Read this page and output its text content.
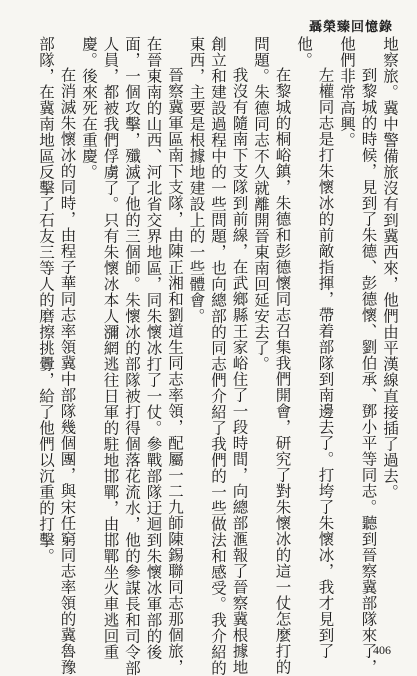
聶榮臻回憶錄
地察旅。冀中警備旅沒有到冀西來，他們由平漢線直接插了過去。
到黎城的時候，見到了朱德、彭德懷、劉伯承、鄧小平等同志。聽到晉察冀部隊來了，
他們非常高興。
左權同志是打朱懷冰的前敵指揮，帶着部隊到南邊去了。打垮了朱懷冰，我才見到了
他。
在黎城的桐峪鎮，朱德和彭德懷同志召集我們開會，研究了對朱懷冰的這一仗怎麼打的
問題。朱德同志不久就離開晉東南回延安去了。
我沒有隨南下支隊到前線，在武鄉縣王家峪住了一段時間，向總部滙報了晉察冀根據地
創立和建設過程中的一些問題，也向總部的同志們介紹了我們的一些做法和感受。我介紹的
東西，主要是根據地建設上的一些體會。
晉察冀軍區南下支隊，由陳正湘和劉道生同志率領，配屬一二九師陳錫聯同志那個旅，
在晉東南的山西、河北省交界地區，同朱懷冰打了一仗。參戰部隊迂迴到朱懷冰軍部的後
面，一個攻擊，殲滅了他的三個師。朱懷冰的部隊被打得個落花流水，他的參謀長和司令部
人員，都被我們俘虜了。只有朱懷冰本人瀰網逃往日軍的駐地邯鄲，由邯鄲坐火車逃回重
慶。後來死在重慶。
在消滅朱懷冰的同時，由程子華同志率領冀中部隊幾個團，與宋任窮同志率領的冀魯豫
部隊，在冀南地區反擊了石友三等人的磨擦挑釁，給了他們以沉重的打擊。
406
